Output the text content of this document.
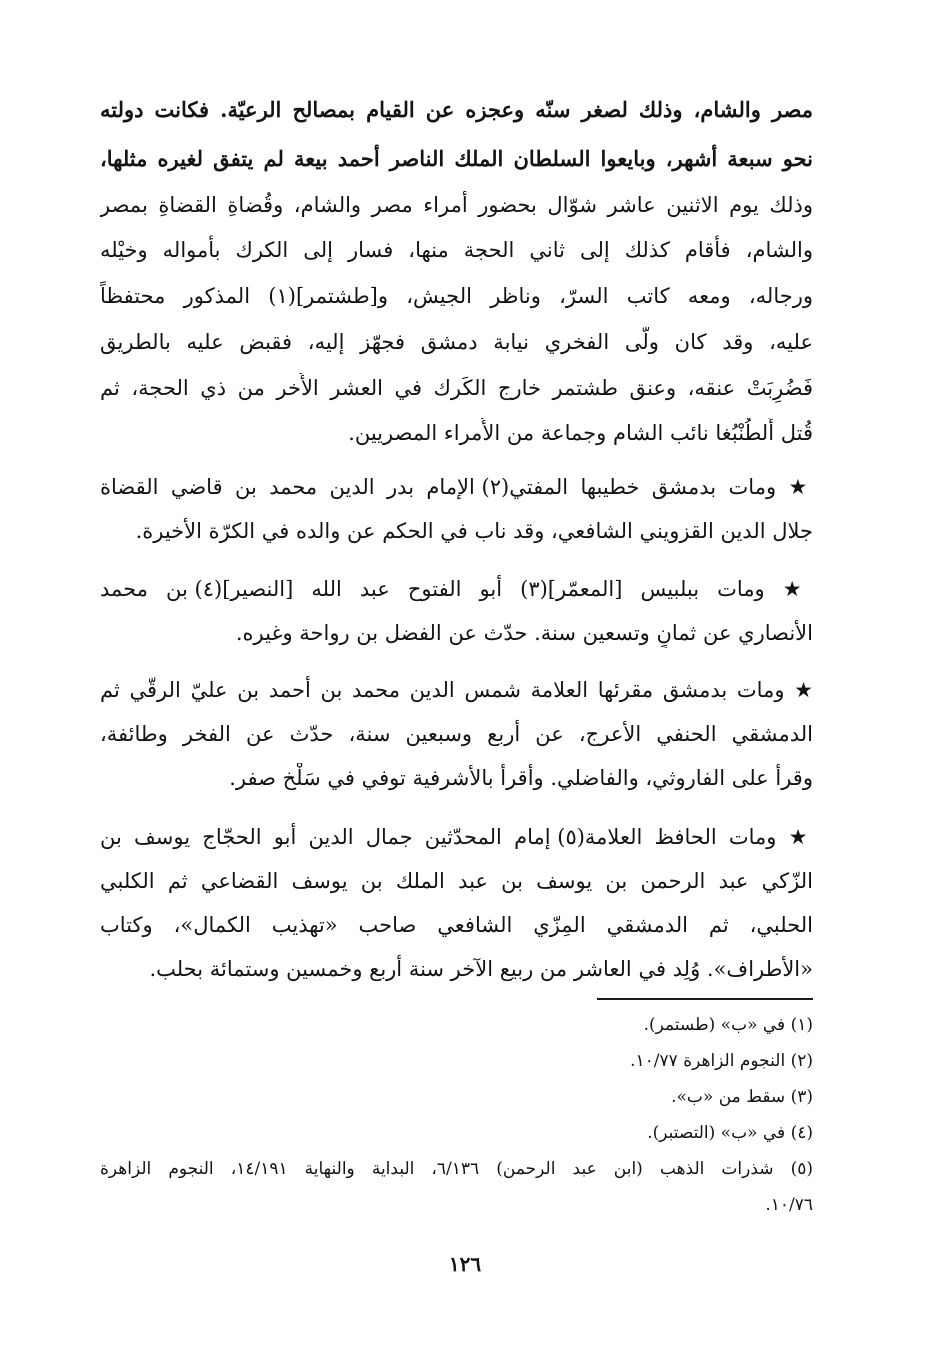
مصر والشام، وذلك لصغر سنّه وعجزه عن القيام بمصالح الرعيّة. فكانت دولته
نحو سبعة أشهر، وبايعوا السلطان الملك الناصر أحمد بيعة لم يتفق لغيره مثلها،
وذلك يوم الاثنين عاشر شوّال بحضور أمراء مصر والشام، وقُضاةِ القضاةِ بمصر
والشام، فأقام كذلك إلى ثاني الحجة منها، فسار إلى الكرك بأمواله وخيْله
ورجاله، ومعه كاتب السرّ، وناظر الجيش، و[طشتمر](١) المذكور محتفظاً
عليه، وقد كان ولّى الفخري نيابة دمشق فجهّز إليه، فقبض عليه بالطريق
فَضُرِبَتْ عنقه، وعنق طشتمر خارج الكَرك في العشر الأُخر من ذي الحجة، ثم
قُتل أَلطُنْبُغا نائب الشام وجماعة من الأُمراء المصريين.
★ ومات بدمشق خطيبها المفتي(٢) الإمام بدر الدين محمد بن قاضي القضاة
جلال الدين القزويني الشافعي، وقد ناب في الحكم عن والده في الكرّة الأخيرة.
★ ومات ببلبيس [المعمّر](٣) أبو الفتوح عبد الله [النصير](٤) بن محمد
الأنصاري عن ثمانٍ وتسعين سنة. حدّث عن الفضل بن رواحة وغيره.
★ ومات بدمشق مقرئها العلامة شمس الدين محمد بن أحمد بن عليّ الرقّي ثم
الدمشقي الحنفي الأعرج، عن أربع وسبعين سنة، حدّث عن الفخر وطائفة،
وقرأ على الفاروثي، والفاضلي. وأقرأ بالأشرفية توفي في سَلْخ صفر.
★ ومات الحافظ العلامة(٥) إمام المحدّثين جمال الدين أبو الحجّاج يوسف بن
الزّكي عبد الرحمن بن يوسف بن عبد الملك بن يوسف القضاعي ثم الكلبي
الحلبي، ثم الدمشقي المِزّي الشافعي صاحب «تهذيب الكمال»، وكتاب
«الأطراف». وُلِد في العاشر من ربيع الآخر سنة أربع وخمسين وستمائة بحلب.
(١) في «ب» (طستمر).
(٢) النجوم الزاهرة ١٠/٧٧.
(٣) سقط من «ب».
(٤) في «ب» (التصتبر).
(٥) شذرات الذهب (ابن عبد الرحمن) ٦/١٣٦، البداية والنهاية ١٤/١٩١، النجوم الزاهرة
١٠/٧٦.
١٢٦
